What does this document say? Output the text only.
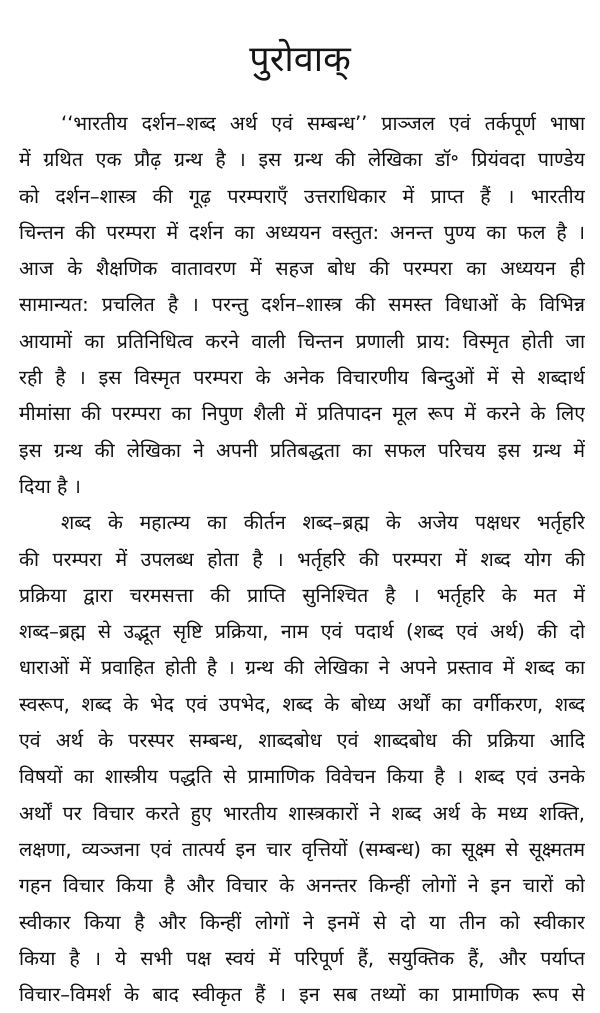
पुरोवाक्
‘‘भारतीय दर्शन–शब्द अर्थ एवं सम्बन्ध’’ प्राञ्जल एवं तर्कपूर्ण भाषा
में ग्रथित एक प्रौढ़ ग्रन्थ है । इस ग्रन्थ की लेखिका डॉ॰ प्रियंवदा पाण्डेय
को दर्शन–शास्त्र की गूढ़ परम्पराएँ उत्तराधिकार में प्राप्त हैं । भारतीय
चिन्तन की परम्परा में दर्शन का अध्ययन वस्तुत: अनन्त पुण्य का फल है ।
आज के शैक्षणिक वातावरण में सहज बोध की परम्परा का अध्ययन ही
सामान्यत: प्रचलित है । परन्तु दर्शन–शास्त्र की समस्त विधाओं के विभिन्न
आयामों का प्रतिनिधित्व करने वाली चिन्तन प्रणाली प्राय: विस्मृत होती जा
रही है । इस विस्मृत परम्परा के अनेक विचारणीय बिन्दुओं में से शब्दार्थ
मीमांसा की परम्परा का निपुण शैली में प्रतिपादन मूल रूप में करने के लिए
इस ग्रन्थ की लेखिका ने अपनी प्रतिबद्धता का सफल परिचय इस ग्रन्थ में
दिया है ।
शब्द के महात्म्य का कीर्तन शब्द–ब्रह्म के अजेय पक्षधर भर्तृहरि
की परम्परा में उपलब्ध होता है । भर्तृहरि की परम्परा में शब्द योग की
प्रक्रिया द्वारा चरमसत्ता की प्राप्ति सुनिश्चित है । भर्तृहरि के मत में
शब्द–ब्रह्म से उद्भूत सृष्टि प्रक्रिया, नाम एवं पदार्थ (शब्द एवं अर्थ) की दो
धाराओं में प्रवाहित होती है । ग्रन्थ की लेखिका ने अपने प्रस्ताव में शब्द का
स्वरूप, शब्द के भेद एवं उपभेद, शब्द के बोध्य अर्थों का वर्गीकरण, शब्द
एवं अर्थ के परस्पर सम्बन्ध, शाब्दबोध एवं शाब्दबोध की प्रक्रिया आदि
विषयों का शास्त्रीय पद्धति से प्रामाणिक विवेचन किया है । शब्द एवं उनके
अर्थों पर विचार करते हुए भारतीय शास्त्रकारों ने शब्द अर्थ के मध्य शक्ति,
लक्षणा, व्यञ्जना एवं तात्पर्य इन चार वृत्तियों (सम्बन्ध) का सूक्ष्म से सूक्ष्मतम
गहन विचार किया है और विचार के अनन्तर किन्हीं लोगों ने इन चारों को
स्वीकार किया है और किन्हीं लोगों ने इनमें से दो या तीन को स्वीकार
किया है । ये सभी पक्ष स्वयं में परिपूर्ण हैं, सयुक्तिक हैं, और पर्याप्त
विचार–विमर्श के बाद स्वीकृत हैं । इन सब तथ्यों का प्रामाणिक रूप से
